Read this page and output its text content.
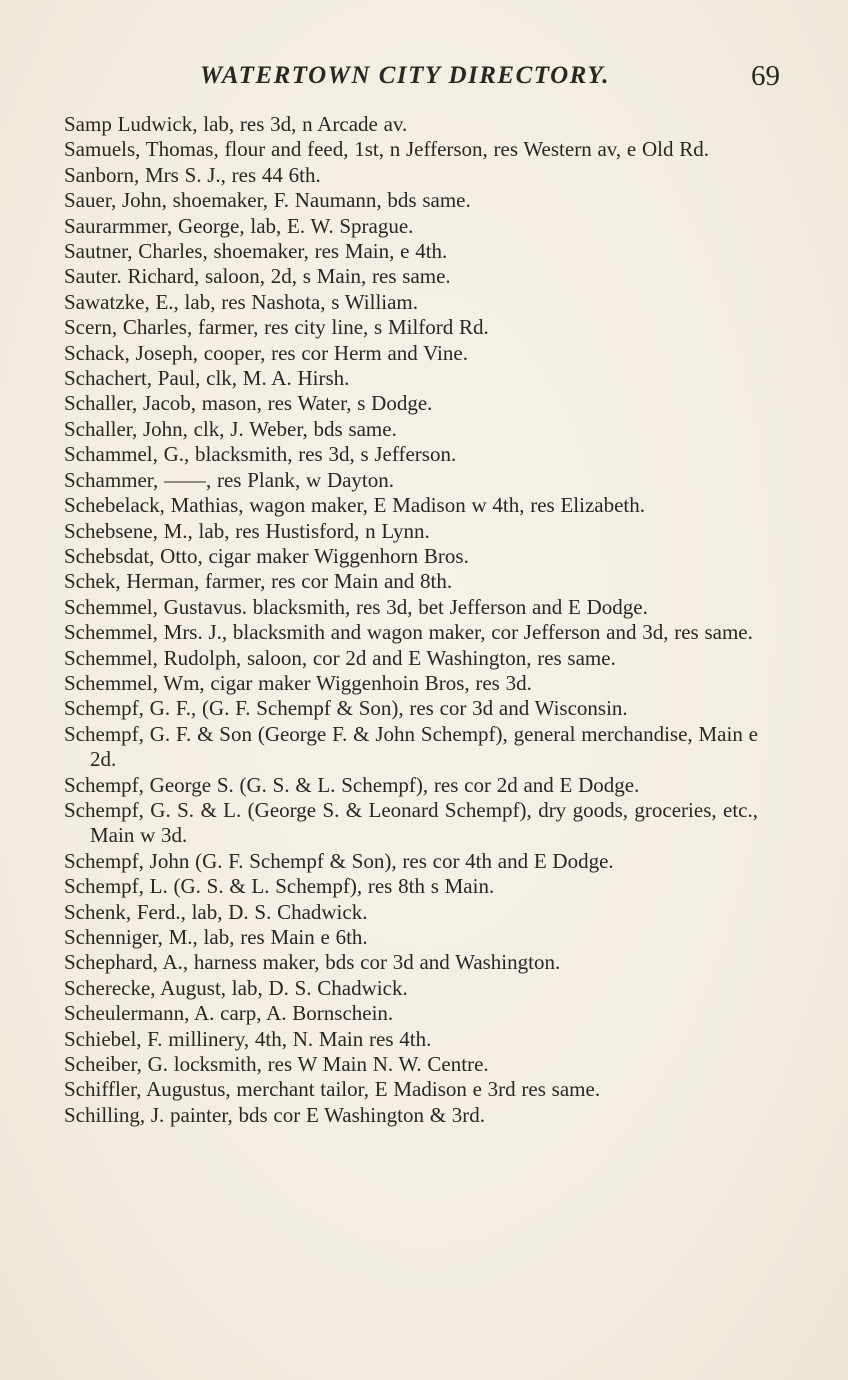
WATERTOWN CITY DIRECTORY.	69
Samp Ludwick, lab, res 3d, n Arcade av.
Samuels, Thomas, flour and feed, 1st, n Jefferson, res Western av, e Old Rd.
Sanborn, Mrs S. J., res 44 6th.
Sauer, John, shoemaker, F. Naumann, bds same.
Saurarmmer, George, lab, E. W. Sprague.
Sautner, Charles, shoemaker, res Main, e 4th.
Sauter. Richard, saloon, 2d, s Main, res same.
Sawatzke, E., lab, res Nashota, s William.
Scern, Charles, farmer, res city line, s Milford Rd.
Schack, Joseph, cooper, res cor Herm and Vine.
Schachert, Paul, clk, M. A. Hirsh.
Schaller, Jacob, mason, res Water, s Dodge.
Schaller, John, clk, J. Weber, bds same.
Schammel, G., blacksmith, res 3d, s Jefferson.
Schammer, ——, res Plank, w Dayton.
Schebelack, Mathias, wagon maker, E Madison w 4th, res Elizabeth.
Schebsene, M., lab, res Hustisford, n Lynn.
Schebsdat, Otto, cigar maker Wiggenhorn Bros.
Schek, Herman, farmer, res cor Main and 8th.
Schemmel, Gustavus. blacksmith, res 3d, bet Jefferson and E Dodge.
Schemmel, Mrs. J., blacksmith and wagon maker, cor Jefferson and 3d, res same.
Schemmel, Rudolph, saloon, cor 2d and E Washington, res same.
Schemmel, Wm, cigar maker Wiggenhoin Bros, res 3d.
Schempf, G. F., (G. F. Schempf & Son), res cor 3d and Wisconsin.
Schempf, G. F. & Son (George F. & John Schempf), general merchandise, Main e 2d.
Schempf, George S. (G. S. & L. Schempf), res cor 2d and E Dodge.
Schempf, G. S. & L. (George S. & Leonard Schempf), dry goods, groceries, etc., Main w 3d.
Schempf, John (G. F. Schempf & Son), res cor 4th and E Dodge.
Schempf, L. (G. S. & L. Schempf), res 8th s Main.
Schenk, Ferd., lab, D. S. Chadwick.
Schenniger, M., lab, res Main e 6th.
Schephard, A., harness maker, bds cor 3d and Washington.
Scherecke, August, lab, D. S. Chadwick.
Scheulermann, A. carp, A. Bornschein.
Schiebel, F. millinery, 4th, N. Main res 4th.
Scheiber, G. locksmith, res W Main N. W. Centre.
Schiffler, Augustus, merchant tailor, E Madison e 3rd res same.
Schilling, J. painter, bds cor E Washington & 3rd.
